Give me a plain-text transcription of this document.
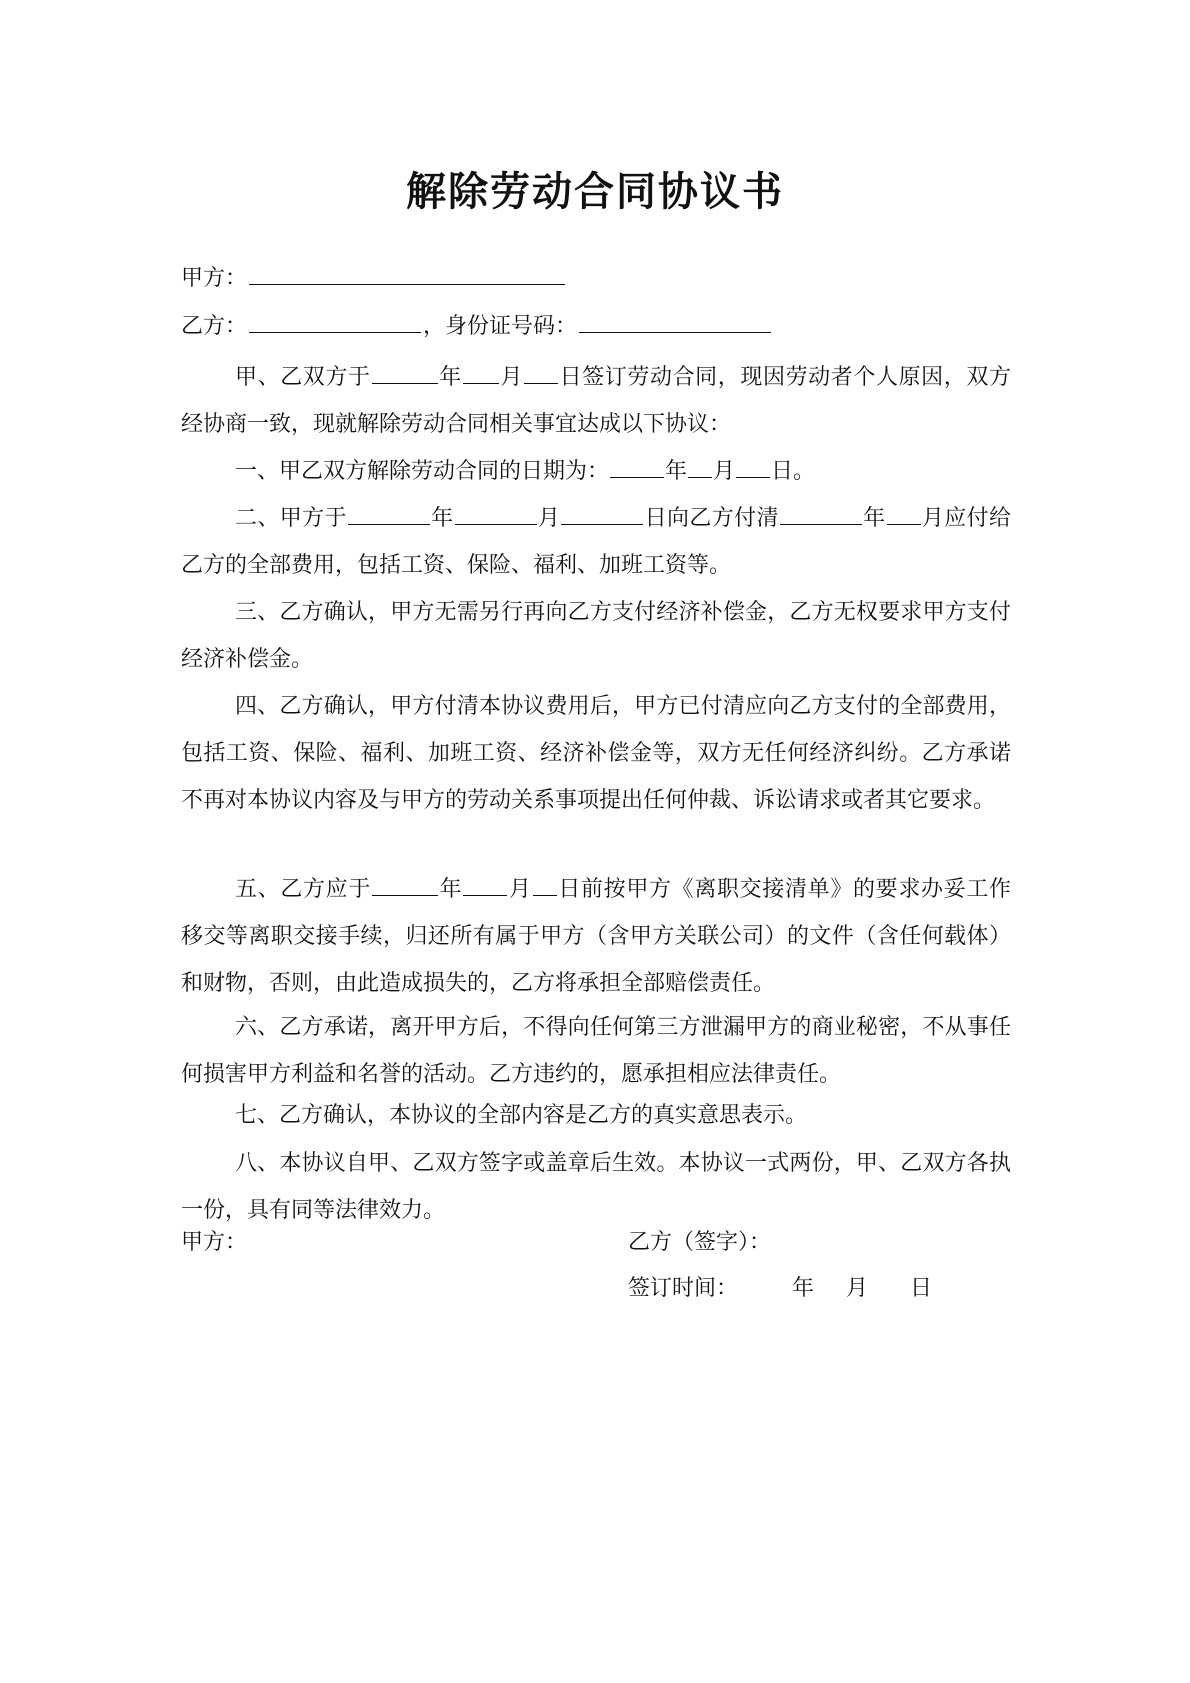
解除劳动合同协议书
甲方：
乙方：	，身份证号码：
甲、乙双方于	年 月 日签订劳动合同，现因劳动者个人原因，双方经协商一致，现就解除劳动合同相关事宜达成以下协议：
一、甲乙双方解除劳动合同的日期为：	年 月 日。
二、甲方于	年	月	日向乙方付清	年 月应付给乙方的全部费用，包括工资、保险、福利、加班工资等。
三、乙方确认，甲方无需另行再向乙方支付经济补偿金，乙方无权要求甲方支付经济补偿金。
四、乙方确认，甲方付清本协议费用后，甲方已付清应向乙方支付的全部费用，包括工资、保险、福利、加班工资、经济补偿金等，双方无任何经济纠纷。乙方承诺不再对本协议内容及与甲方的劳动关系事项提出任何仲裁、诉讼请求或者其它要求。
五、乙方应于	年 月 日前按甲方《离职交接清单》的要求办妥工作移交等离职交接手续，归还所有属于甲方（含甲方关联公司）的文件（含任何载体）和财物，否则，由此造成损失的，乙方将承担全部赔偿责任。
六、乙方承诺，离开甲方后，不得向任何第三方泄漏甲方的商业秘密，不从事任何损害甲方利益和名誉的活动。乙方违约的，愿承担相应法律责任。
七、乙方确认，本协议的全部内容是乙方的真实意思表示。
八、本协议自甲、乙双方签字或盖章后生效。本协议一式两份，甲、乙双方各执一份，具有同等法律效力。
甲方：	乙方（签字）：
签订时间： 年 月 日
